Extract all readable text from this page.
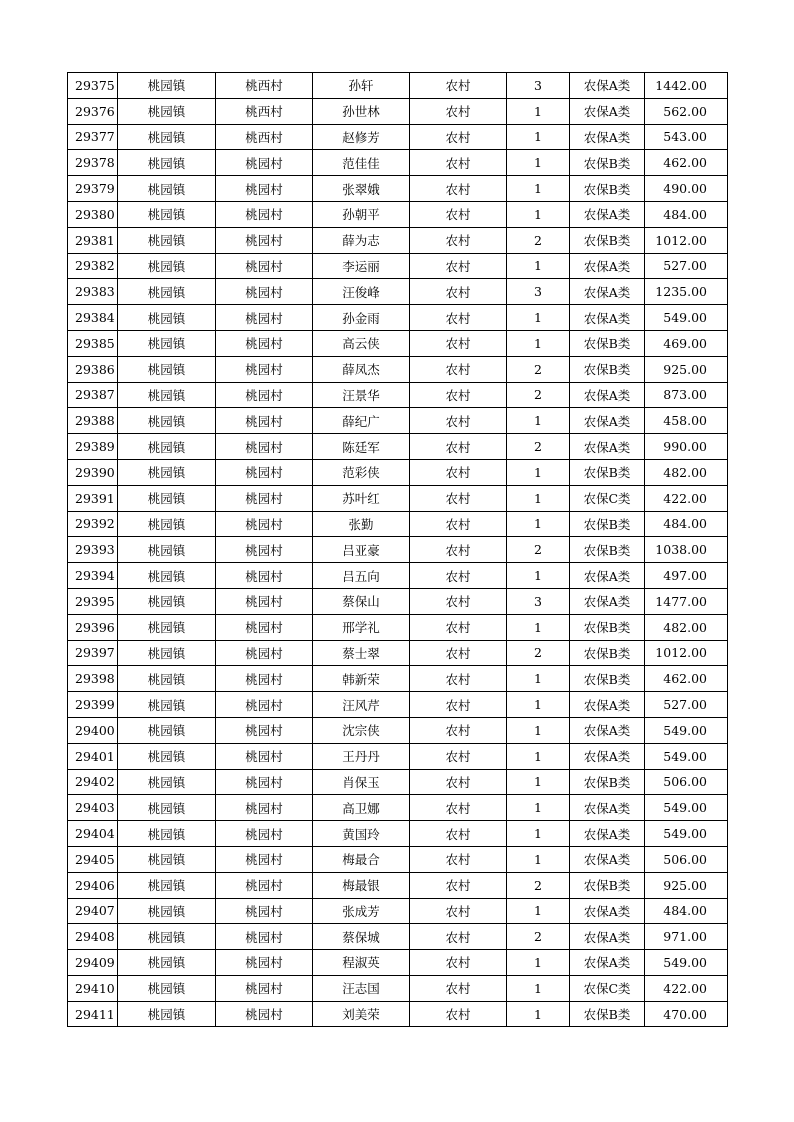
29375	桃园镇	桃西村	孙轩	农村	3	农保A类	1442.00
29376	桃园镇	桃西村	孙世林	农村	1	农保A类	562.00
29377	桃园镇	桃西村	赵修芳	农村	1	农保A类	543.00
29378	桃园镇	桃园村	范佳佳	农村	1	农保B类	462.00
29379	桃园镇	桃园村	张翠娥	农村	1	农保B类	490.00
29380	桃园镇	桃园村	孙朝平	农村	1	农保A类	484.00
29381	桃园镇	桃园村	薛为志	农村	2	农保B类	1012.00
29382	桃园镇	桃园村	李运丽	农村	1	农保A类	527.00
29383	桃园镇	桃园村	汪俊峰	农村	3	农保A类	1235.00
29384	桃园镇	桃园村	孙金雨	农村	1	农保A类	549.00
29385	桃园镇	桃园村	高云侠	农村	1	农保B类	469.00
29386	桃园镇	桃园村	薛凤杰	农村	2	农保B类	925.00
29387	桃园镇	桃园村	汪景华	农村	2	农保A类	873.00
29388	桃园镇	桃园村	薛纪广	农村	1	农保A类	458.00
29389	桃园镇	桃园村	陈廷军	农村	2	农保A类	990.00
29390	桃园镇	桃园村	范彩侠	农村	1	农保B类	482.00
29391	桃园镇	桃园村	苏叶红	农村	1	农保C类	422.00
29392	桃园镇	桃园村	张勤	农村	1	农保B类	484.00
29393	桃园镇	桃园村	吕亚豪	农村	2	农保B类	1038.00
29394	桃园镇	桃园村	吕五向	农村	1	农保A类	497.00
29395	桃园镇	桃园村	蔡保山	农村	3	农保A类	1477.00
29396	桃园镇	桃园村	邢学礼	农村	1	农保B类	482.00
29397	桃园镇	桃园村	蔡士翠	农村	2	农保B类	1012.00
29398	桃园镇	桃园村	韩新荣	农村	1	农保B类	462.00
29399	桃园镇	桃园村	汪风芹	农村	1	农保A类	527.00
29400	桃园镇	桃园村	沈宗侠	农村	1	农保A类	549.00
29401	桃园镇	桃园村	王丹丹	农村	1	农保A类	549.00
29402	桃园镇	桃园村	肖保玉	农村	1	农保B类	506.00
29403	桃园镇	桃园村	高卫娜	农村	1	农保A类	549.00
29404	桃园镇	桃园村	黄国玲	农村	1	农保A类	549.00
29405	桃园镇	桃园村	梅最合	农村	1	农保A类	506.00
29406	桃园镇	桃园村	梅最银	农村	2	农保B类	925.00
29407	桃园镇	桃园村	张成芳	农村	1	农保A类	484.00
29408	桃园镇	桃园村	蔡保城	农村	2	农保A类	971.00
29409	桃园镇	桃园村	程淑英	农村	1	农保A类	549.00
29410	桃园镇	桃园村	汪志国	农村	1	农保C类	422.00
29411	桃园镇	桃园村	刘美荣	农村	1	农保B类	470.00
